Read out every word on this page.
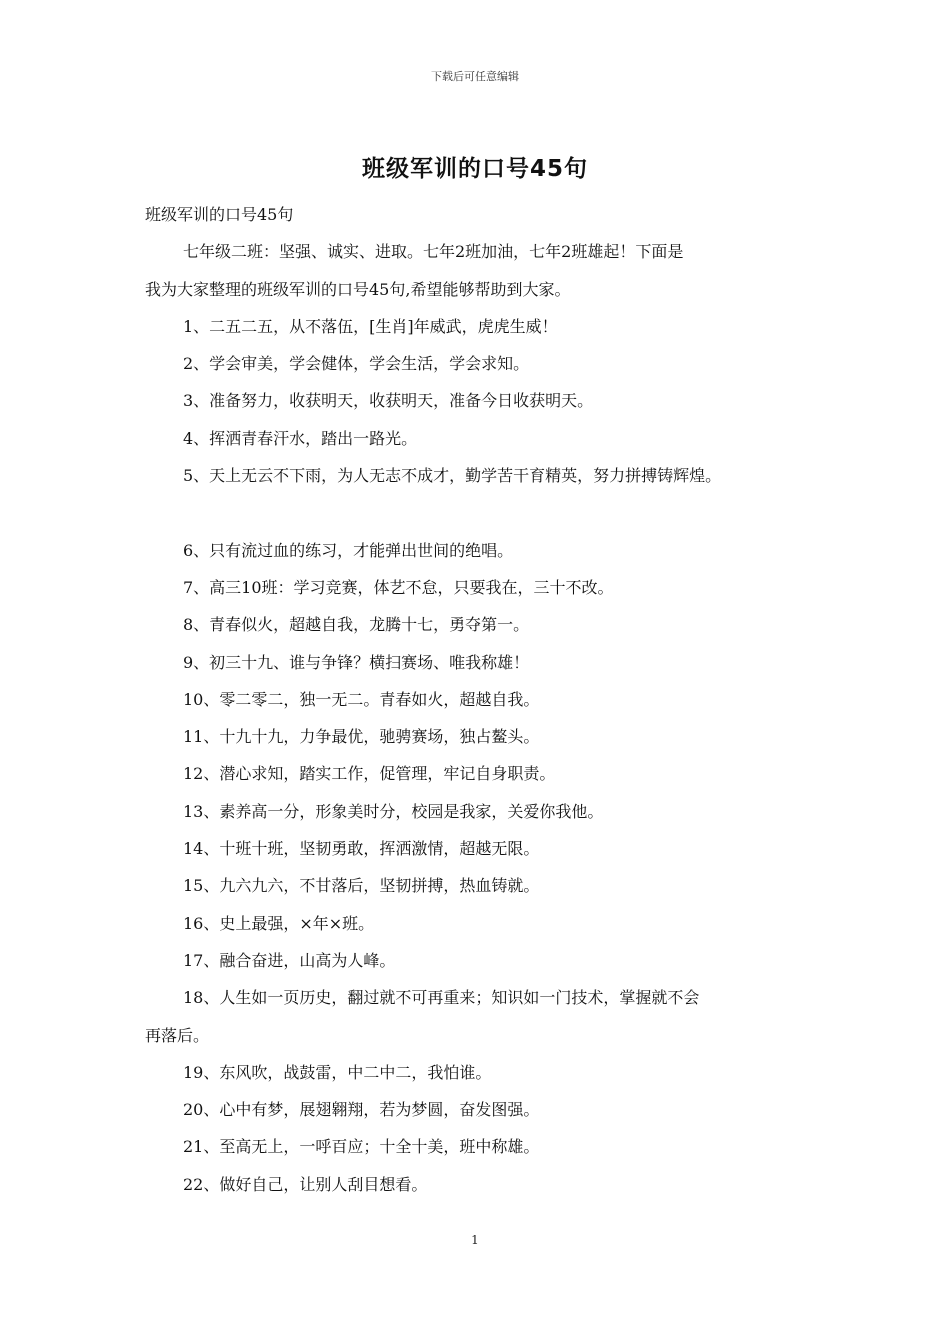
下载后可任意编辑
班级军训的口号45句

班级军训的口号45句

七年级二班：坚强、诚实、进取。七年2班加油，七年2班雄起！下面是

我为大家整理的班级军训的口号45句,希望能够帮助到大家。

1、二五二五，从不落伍，[生肖]年威武，虎虎生威！

2、学会审美，学会健体，学会生活，学会求知。

3、准备努力，收获明天，收获明天，准备今日收获明天。

4、挥洒青春汗水，踏出一路光。

5、天上无云不下雨，为人无志不成才，勤学苦干育精英，努力拼搏铸辉煌。

6、只有流过血的练习，才能弹出世间的绝唱。

7、高三10班：学习竞赛，体艺不怠，只要我在，三十不改。

8、青春似火，超越自我，龙腾十七，勇夺第一。

9、初三十九、谁与争锋？横扫赛场、唯我称雄！

10、零二零二，独一无二。青春如火，超越自我。

11、十九十九，力争最优，驰骋赛场，独占鳌头。

12、潜心求知，踏实工作，促管理，牢记自身职责。

13、素养高一分，形象美时分，校园是我家，关爱你我他。

14、十班十班，坚韧勇敢，挥洒激情，超越无限。

15、九六九六，不甘落后，坚韧拼搏，热血铸就。

16、史上最强，×年×班。

17、融合奋进，山高为人峰。

18、人生如一页历史，翻过就不可再重来；知识如一门技术，掌握就不会

再落后。

19、东风吹，战鼓雷，中二中二，我怕谁。

20、心中有梦，展翅翱翔，若为梦圆，奋发图强。

21、至高无上，一呼百应；十全十美，班中称雄。

22、做好自己，让别人刮目想看。

1
